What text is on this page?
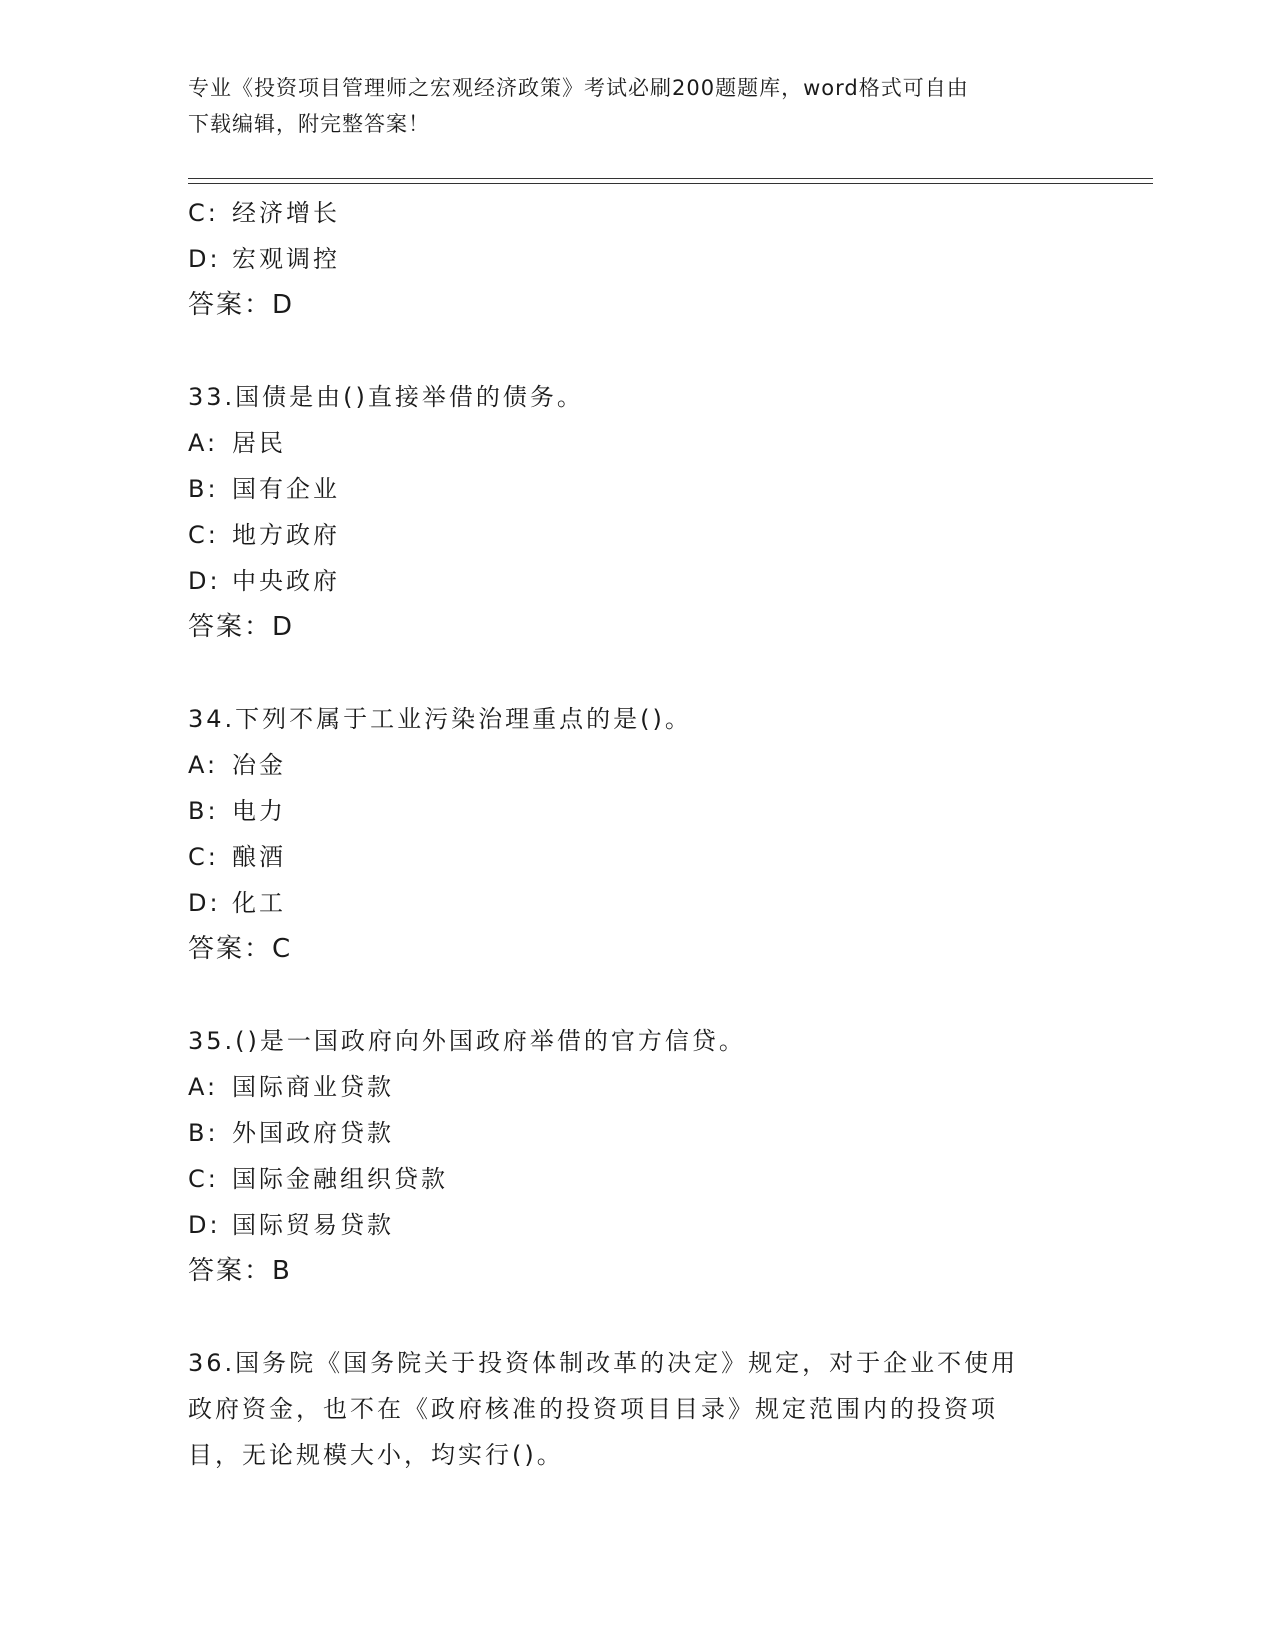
专业《投资项目管理师之宏观经济政策》考试必刷200题题库，word格式可自由
下载编辑，附完整答案！
C: 经济增长
D: 宏观调控
答案：D
33.国债是由()直接举借的债务。
A: 居民
B: 国有企业
C: 地方政府
D: 中央政府
答案：D
34.下列不属于工业污染治理重点的是()。
A: 冶金
B: 电力
C: 酿酒
D: 化工
答案：C
35.()是一国政府向外国政府举借的官方信贷。
A: 国际商业贷款
B: 外国政府贷款
C: 国际金融组织贷款
D: 国际贸易贷款
答案：B
36.国务院《国务院关于投资体制改革的决定》规定，对于企业不使用
政府资金，也不在《政府核准的投资项目目录》规定范围内的投资项
目，无论规模大小，均实行()。
